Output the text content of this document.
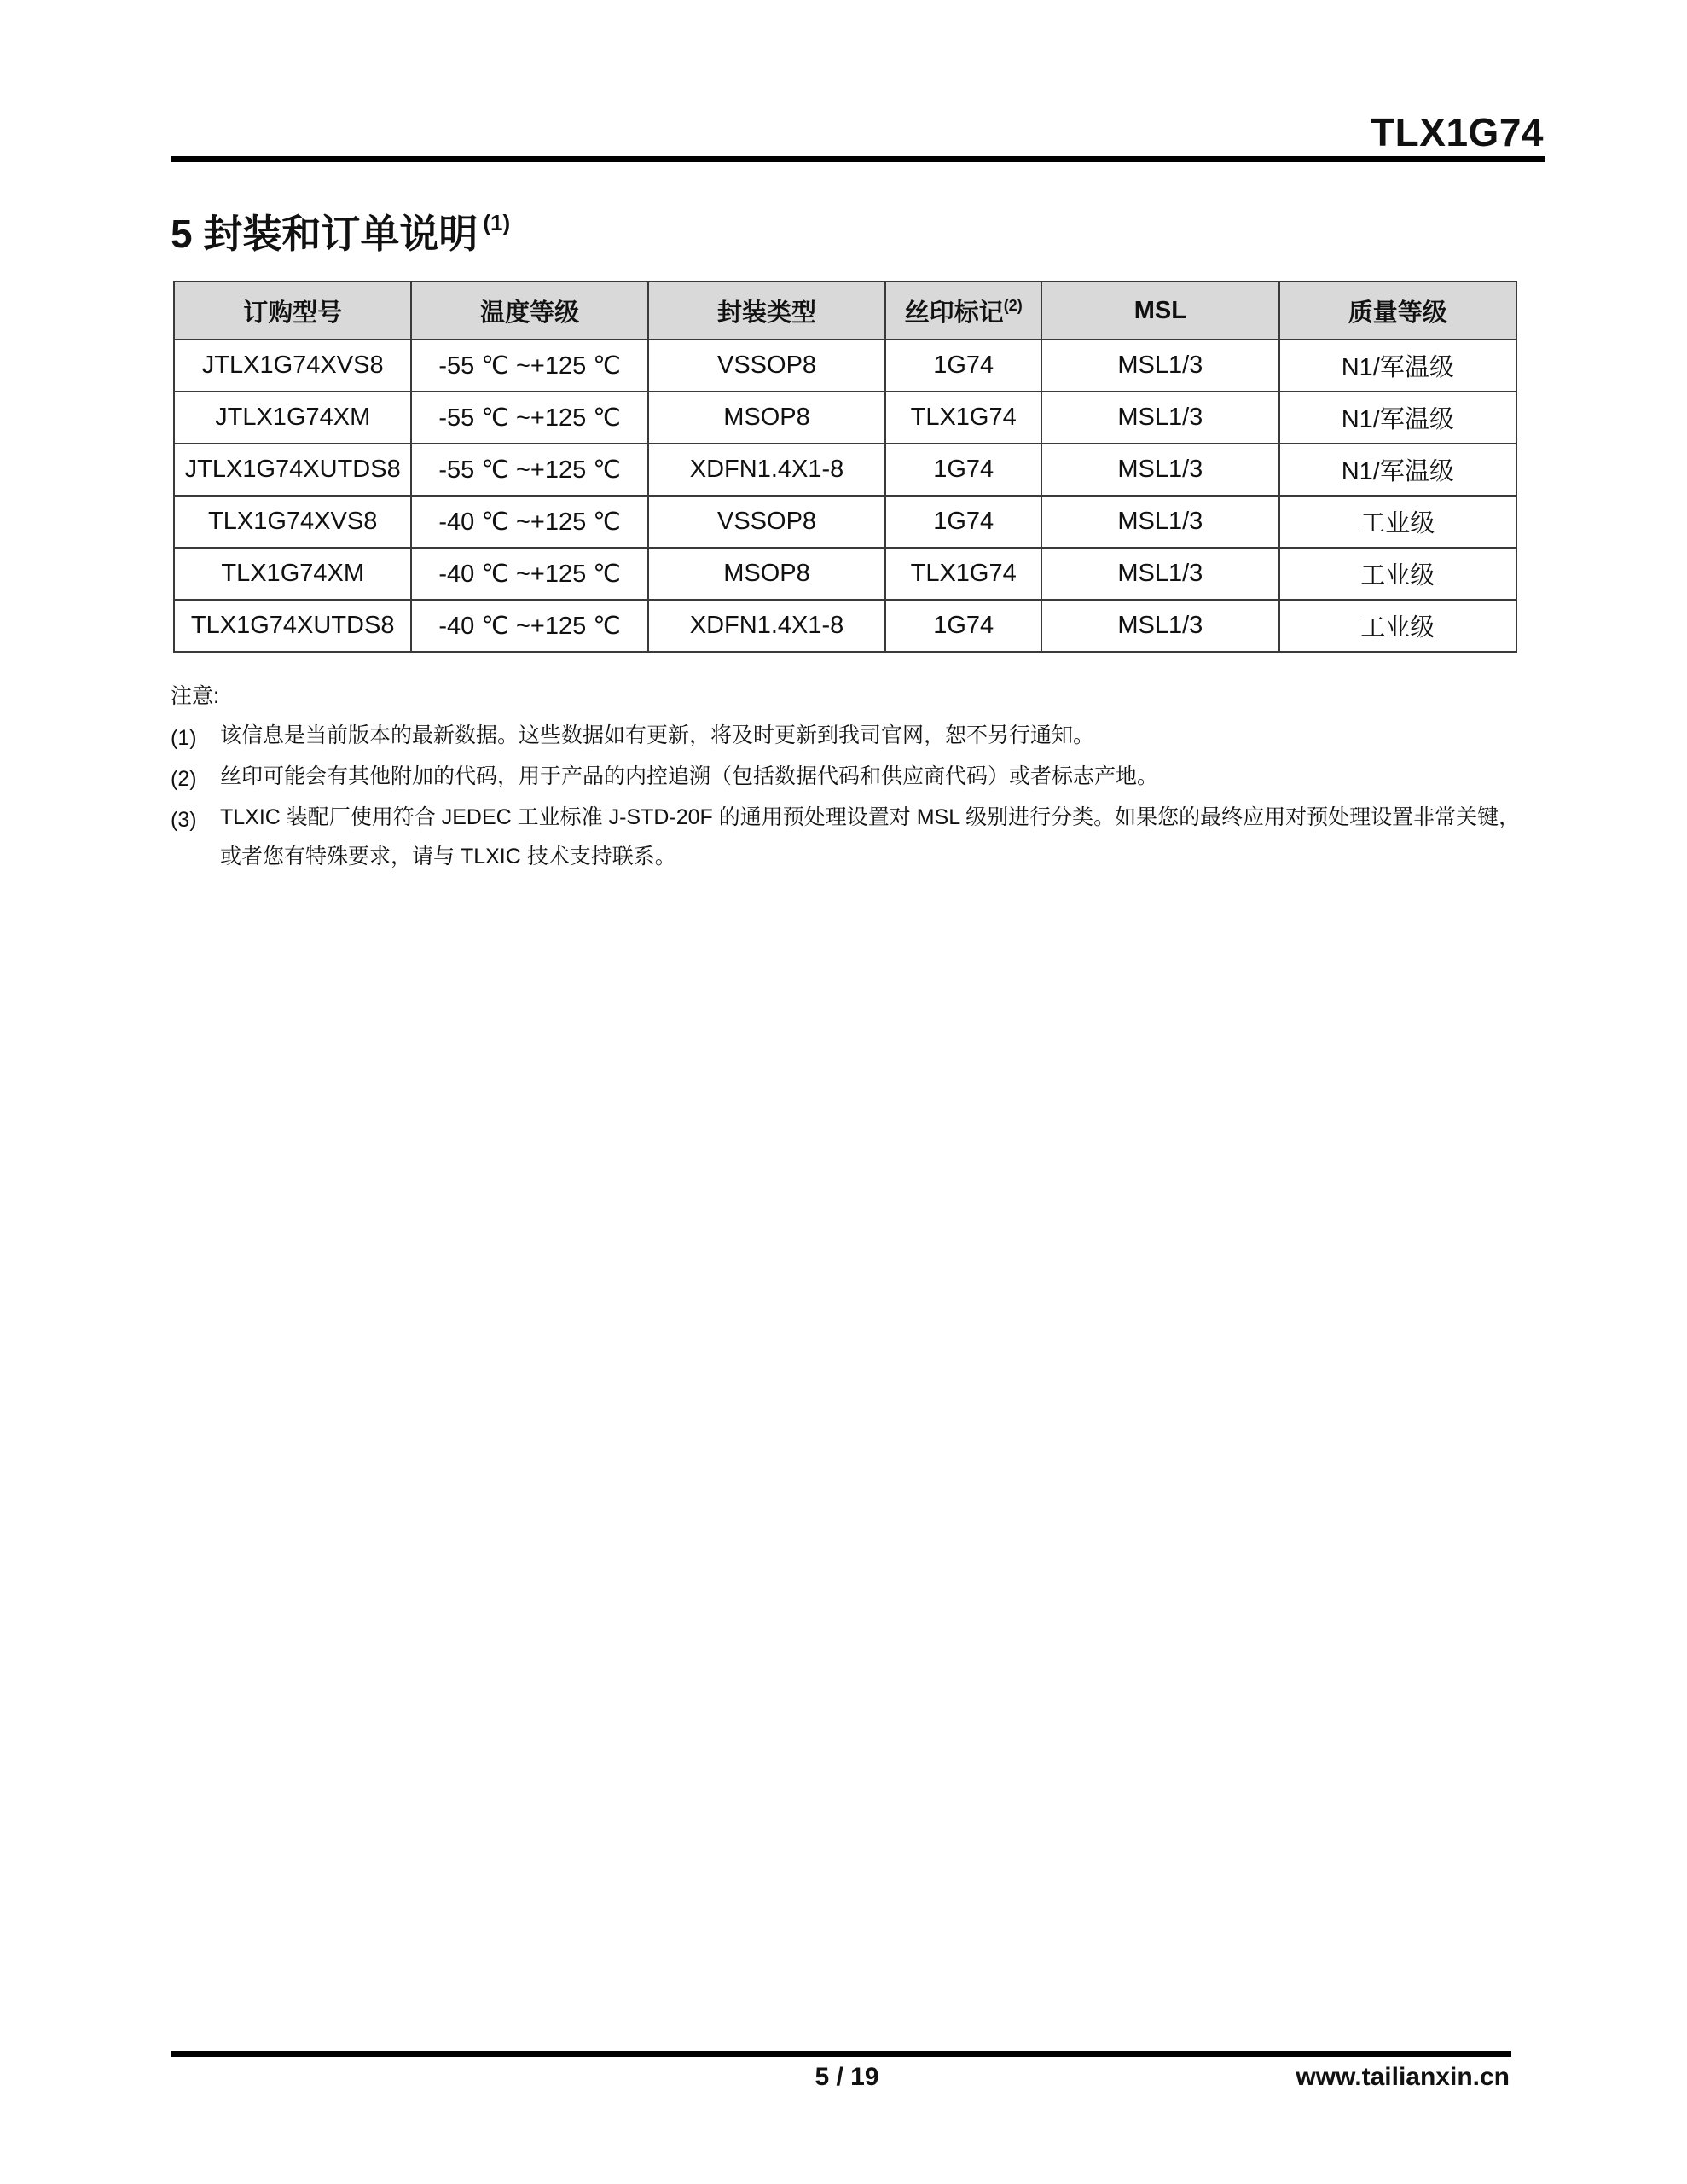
TLX1G74
5 封装和订单说明 $^{(1)}$
订购型号	温度等级	封装类型	丝印标记$^{(2)}$	MSL	质量等级
JTLX1G74XVS8	-55 ℃ ~+125 ℃	VSSOP8	1G74	MSL1/3	N1/军温级
JTLX1G74XM	-55 ℃ ~+125 ℃	MSOP8	TLX1G74	MSL1/3	N1/军温级
JTLX1G74XUTDS8	-55 ℃ ~+125 ℃	XDFN1.4X1-8	1G74	MSL1/3	N1/军温级
TLX1G74XVS8	-40 ℃ ~+125 ℃	VSSOP8	1G74	MSL1/3	工业级
TLX1G74XM	-40 ℃ ~+125 ℃	MSOP8	TLX1G74	MSL1/3	工业级
TLX1G74XUTDS8	-40 ℃ ~+125 ℃	XDFN1.4X1-8	1G74	MSL1/3	工业级
注意:
(1)	该信息是当前版本的最新数据。这些数据如有更新，将及时更新到我司官网，恕不另行通知。
(2)	丝印可能会有其他附加的代码，用于产品的内控追溯（包括数据代码和供应商代码）或者标志产地。
(3)	TLXIC 装配厂使用符合 JEDEC 工业标准 J-STD-20F 的通用预处理设置对 MSL 级别进行分类。如果您的最终应用对预处理设置非常关键，或者您有特殊要求，请与 TLXIC 技术支持联系。
5 / 19	www.tailianxin.cn
